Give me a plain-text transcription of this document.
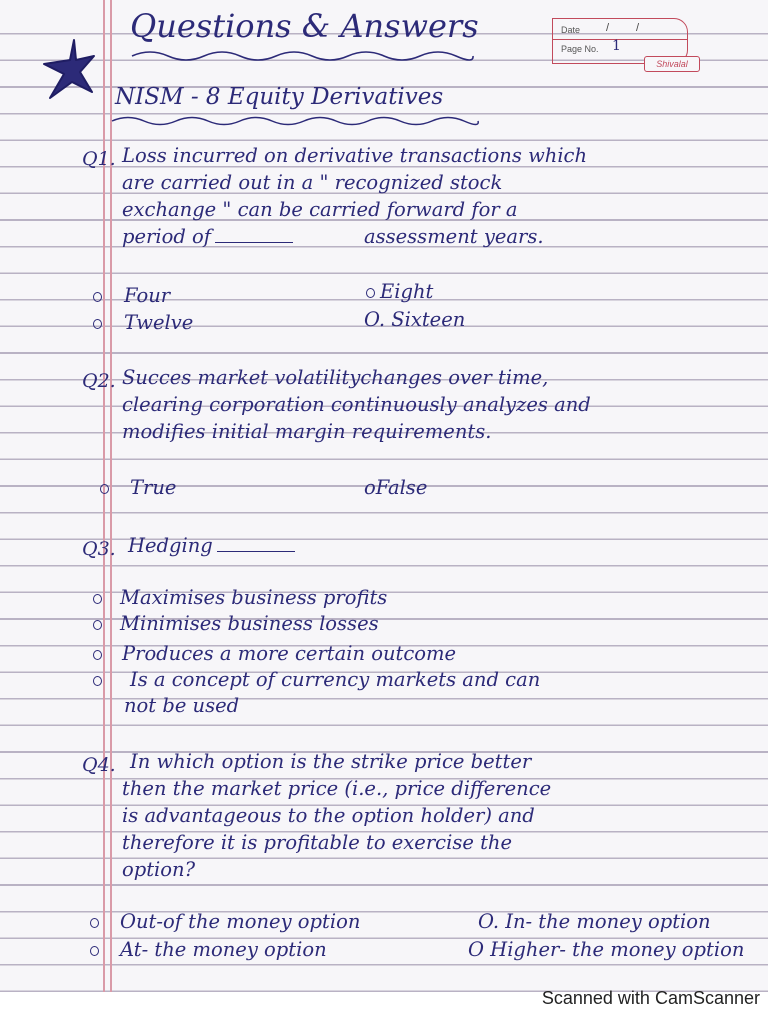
Questions & Answers	Date
Page No.
/ /
1
Shivalal
NISM - 8 Equity Derivatives
Q1. Loss incurred on derivative transactions which
are carried out in a " recognized stock
exchange " can be carried forward for a
period of	assessment years.
Four	Eight
Twelve	O. Sixteen
Q2. Succes market volatilitychanges over time,
clearing corporation continuously analyzes and
modifies initial margin requirements.
True	oFalse
Q3. Hedging
Maximises business profits
Minimises business losses
Produces a more certain outcome
Is a concept of currency markets and can
not be used
Q4. In which option is the strike price better
then the market price (i.e., price difference
is advantageous to the option holder) and
therefore it is profitable to exercise the
option?
Out-of the money option	O. In- the money option
At- the money option	O Higher- the money option
Scanned with CamScanner
